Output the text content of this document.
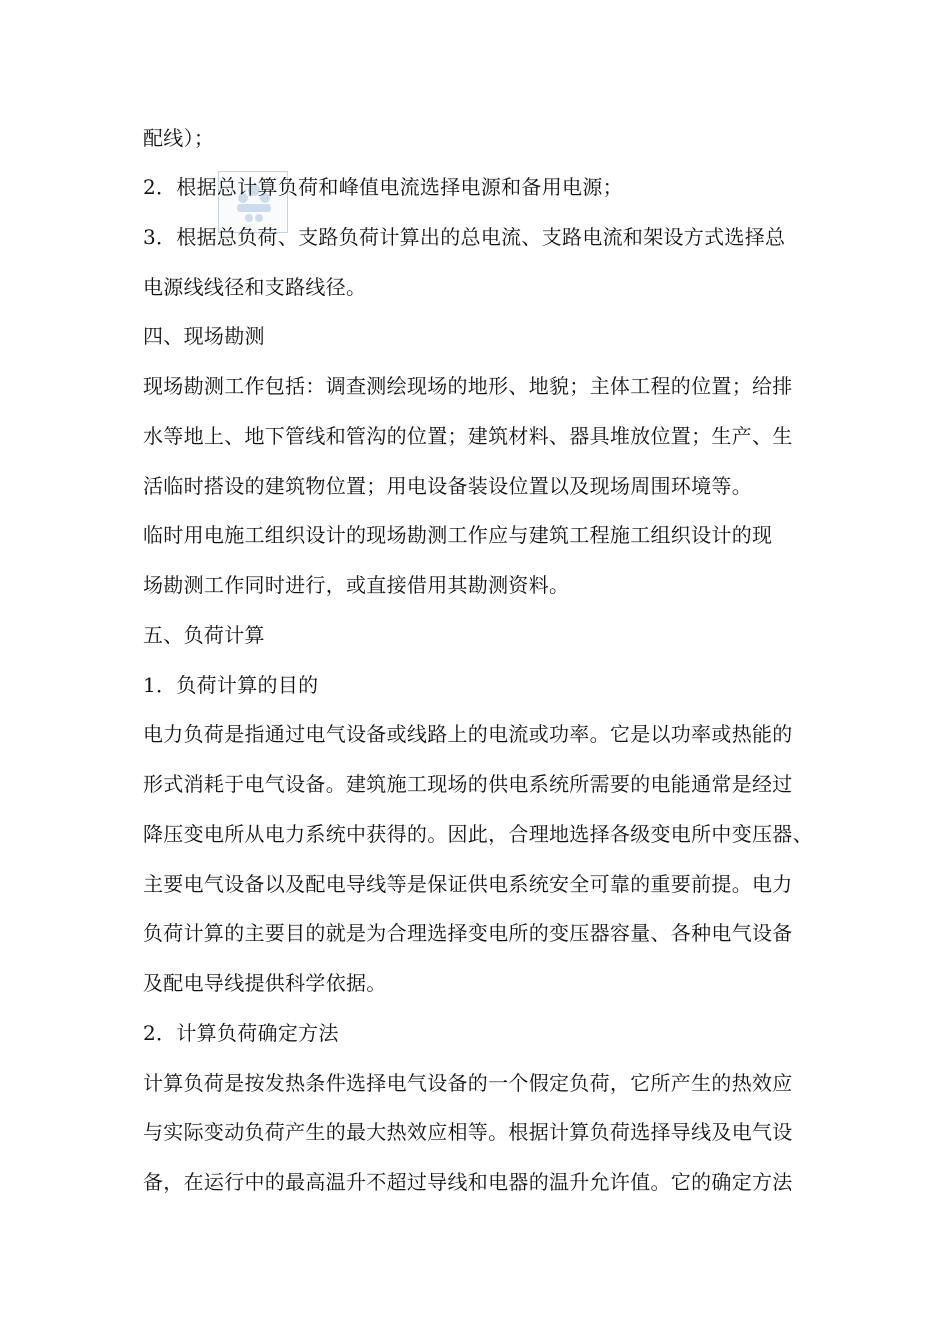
配线）；
2．根据总计算负荷和峰值电流选择电源和备用电源；
3．根据总负荷、支路负荷计算出的总电流、支路电流和架设方式选择总
电源线线径和支路线径。
四、现场勘测
现场勘测工作包括：调查测绘现场的地形、地貌；主体工程的位置；给排
水等地上、地下管线和管沟的位置；建筑材料、器具堆放位置；生产、生
活临时搭设的建筑物位置；用电设备装设位置以及现场周围环境等。
临时用电施工组织设计的现场勘测工作应与建筑工程施工组织设计的现
场勘测工作同时进行，或直接借用其勘测资料。
五、负荷计算
1．负荷计算的目的
电力负荷是指通过电气设备或线路上的电流或功率。它是以功率或热能的
形式消耗于电气设备。建筑施工现场的供电系统所需要的电能通常是经过
降压变电所从电力系统中获得的。因此，合理地选择各级变电所中变压器、
主要电气设备以及配电导线等是保证供电系统安全可靠的重要前提。电力
负荷计算的主要目的就是为合理选择变电所的变压器容量、各种电气设备
及配电导线提供科学依据。
2．计算负荷确定方法
计算负荷是按发热条件选择电气设备的一个假定负荷，它所产生的热效应
与实际变动负荷产生的最大热效应相等。根据计算负荷选择导线及电气设
备，在运行中的最高温升不超过导线和电器的温升允许值。它的确定方法
